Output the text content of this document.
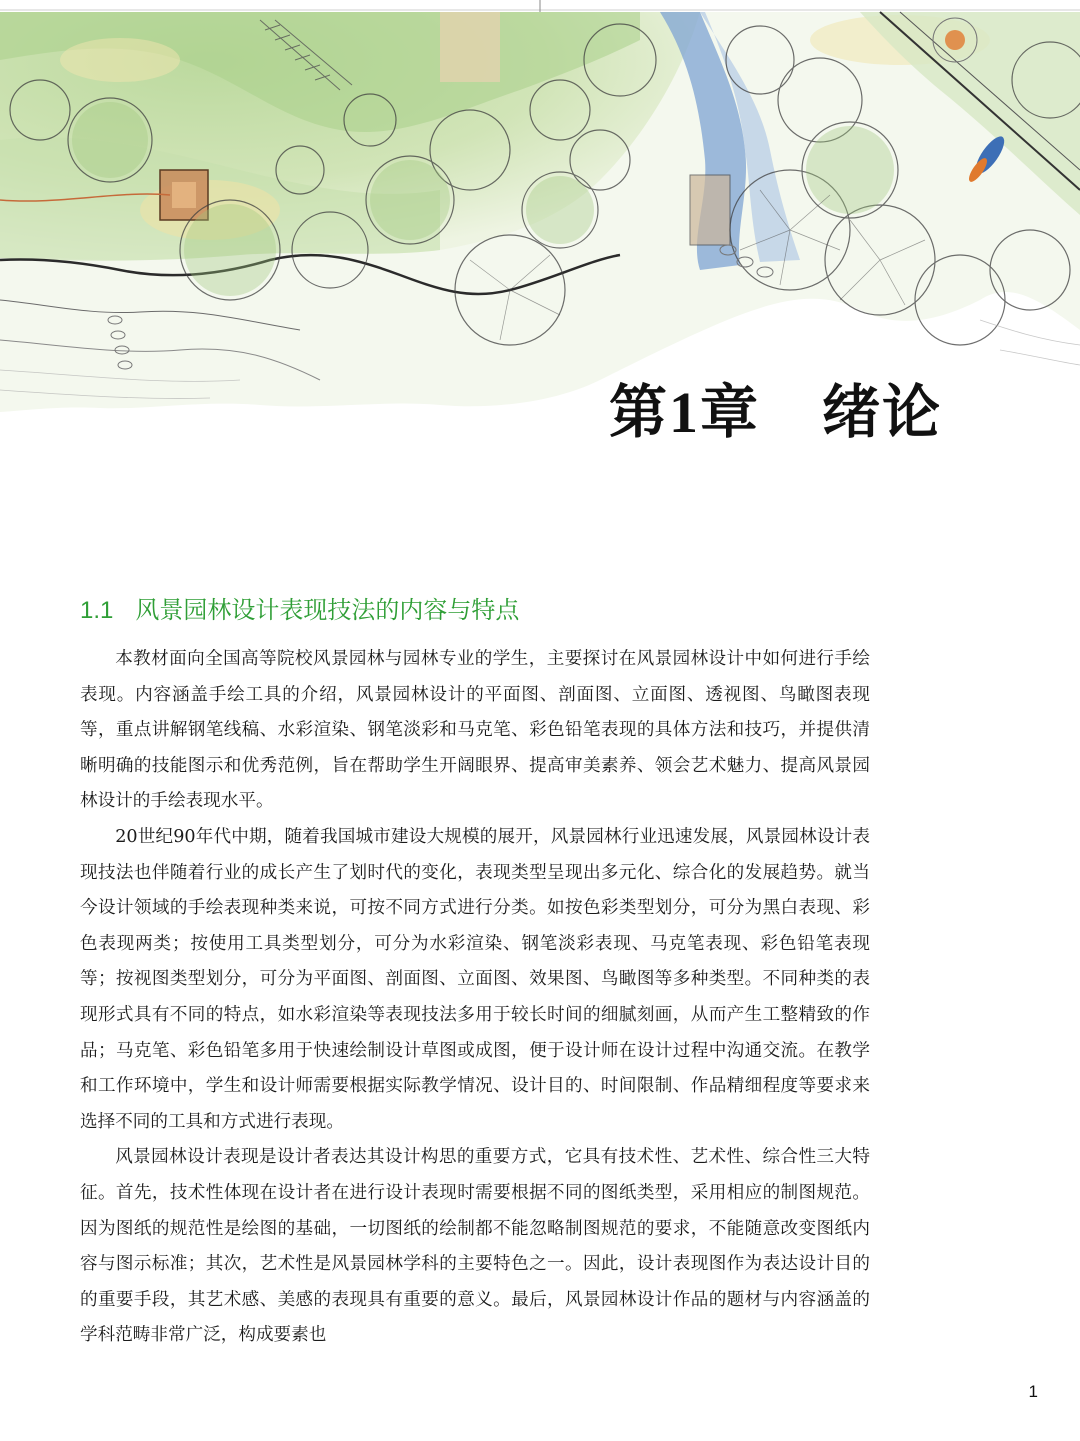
第1章 绪论
1.1 风景园林设计表现技法的内容与特点

本教材面向全国高等院校风景园林与园林专业的学生，主要探讨在风景园林设计中如何进行手绘表现。内容涵盖手绘工具的介绍，风景园林设计的平面图、剖面图、立面图、透视图、鸟瞰图表现等，重点讲解钢笔线稿、水彩渲染、钢笔淡彩和马克笔、彩色铅笔表现的具体方法和技巧，并提供清晰明确的技能图示和优秀范例，旨在帮助学生开阔眼界、提高审美素养、领会艺术魅力、提高风景园林设计的手绘表现水平。

20世纪90年代中期，随着我国城市建设大规模的展开，风景园林行业迅速发展，风景园林设计表现技法也伴随着行业的成长产生了划时代的变化，表现类型呈现出多元化、综合化的发展趋势。就当今设计领域的手绘表现种类来说，可按不同方式进行分类。如按色彩类型划分，可分为黑白表现、彩色表现两类；按使用工具类型划分，可分为水彩渲染、钢笔淡彩表现、马克笔表现、彩色铅笔表现等；按视图类型划分，可分为平面图、剖面图、立面图、效果图、鸟瞰图等多种类型。不同种类的表现形式具有不同的特点，如水彩渲染等表现技法多用于较长时间的细腻刻画，从而产生工整精致的作品；马克笔、彩色铅笔多用于快速绘制设计草图或成图，便于设计师在设计过程中沟通交流。在教学和工作环境中，学生和设计师需要根据实际教学情况、设计目的、时间限制、作品精细程度等要求来选择不同的工具和方式进行表现。

风景园林设计表现是设计者表达其设计构思的重要方式，它具有技术性、艺术性、综合性三大特征。首先，技术性体现在设计者在进行设计表现时需要根据不同的图纸类型，采用相应的制图规范。因为图纸的规范性是绘图的基础，一切图纸的绘制都不能忽略制图规范的要求，不能随意改变图纸内容与图示标准；其次，艺术性是风景园林学科的主要特色之一。因此，设计表现图作为表达设计目的的重要手段，其艺术感、美感的表现具有重要的意义。最后，风景园林设计作品的题材与内容涵盖的学科范畴非常广泛，构成要素也

1
